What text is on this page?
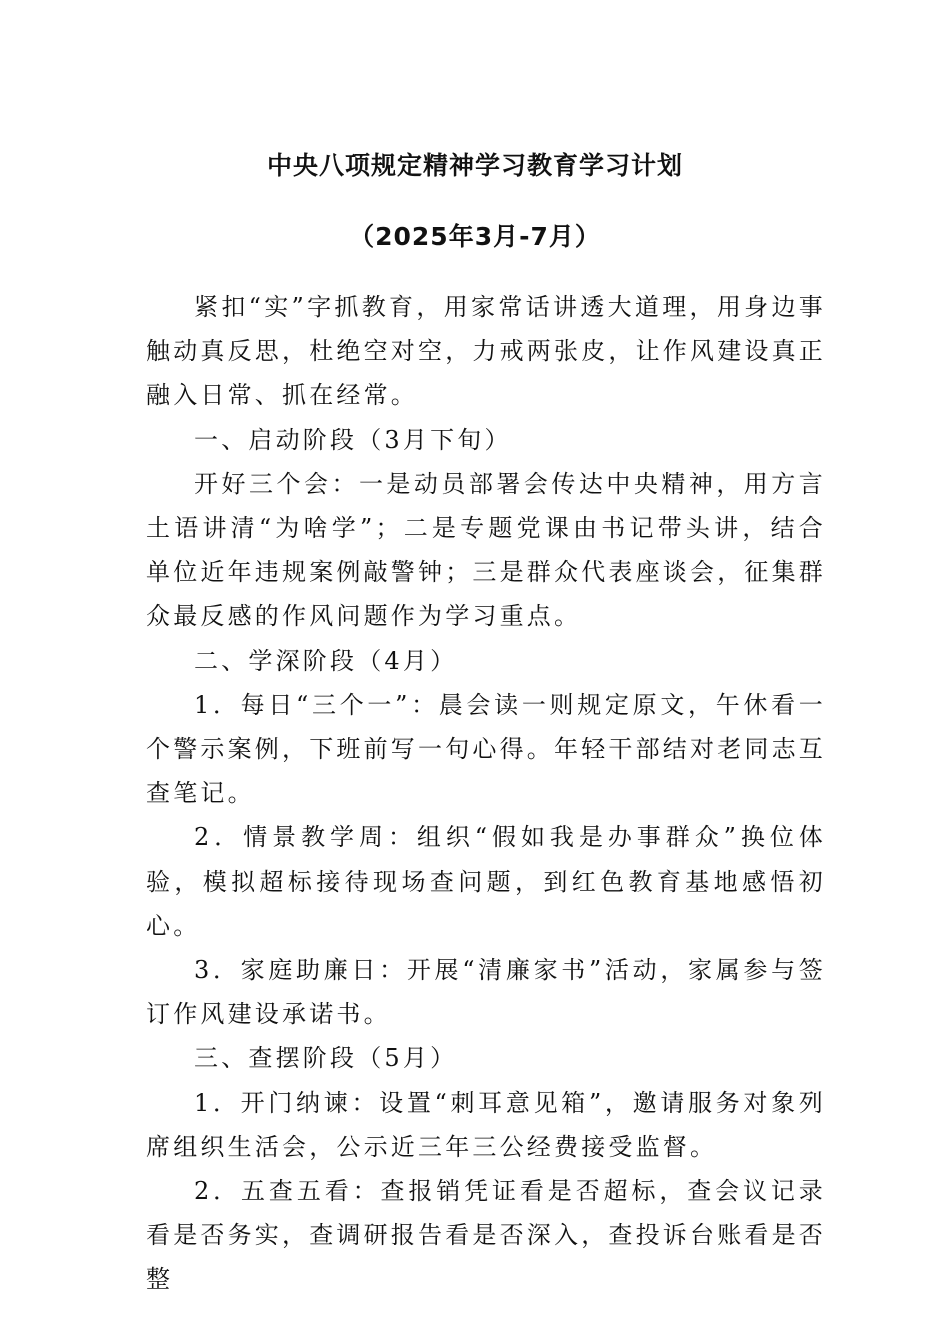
中央八项规定精神学习教育学习计划
（2025年3月-7月）

紧扣“实”字抓教育，用家常话讲透大道理，用身边事触动真反思，杜绝空对空，力戒两张皮，让作风建设真正融入日常、抓在经常。

一、启动阶段（3月下旬）

开好三个会：一是动员部署会传达中央精神，用方言土语讲清“为啥学”；二是专题党课由书记带头讲，结合单位近年违规案例敲警钟；三是群众代表座谈会，征集群众最反感的作风问题作为学习重点。

二、学深阶段（4月）

1．每日“三个一”：晨会读一则规定原文，午休看一个警示案例，下班前写一句心得。年轻干部结对老同志互查笔记。

2．情景教学周：组织“假如我是办事群众”换位体验，模拟超标接待现场查问题，到红色教育基地感悟初心。

3．家庭助廉日：开展“清廉家书”活动，家属参与签订作风建设承诺书。

三、查摆阶段（5月）

1．开门纳谏：设置“刺耳意见箱”，邀请服务对象列席组织生活会，公示近三年三公经费接受监督。

2．五查五看：查报销凭证看是否超标，查会议记录看是否务实，查调研报告看是否深入，查投诉台账看是否整
